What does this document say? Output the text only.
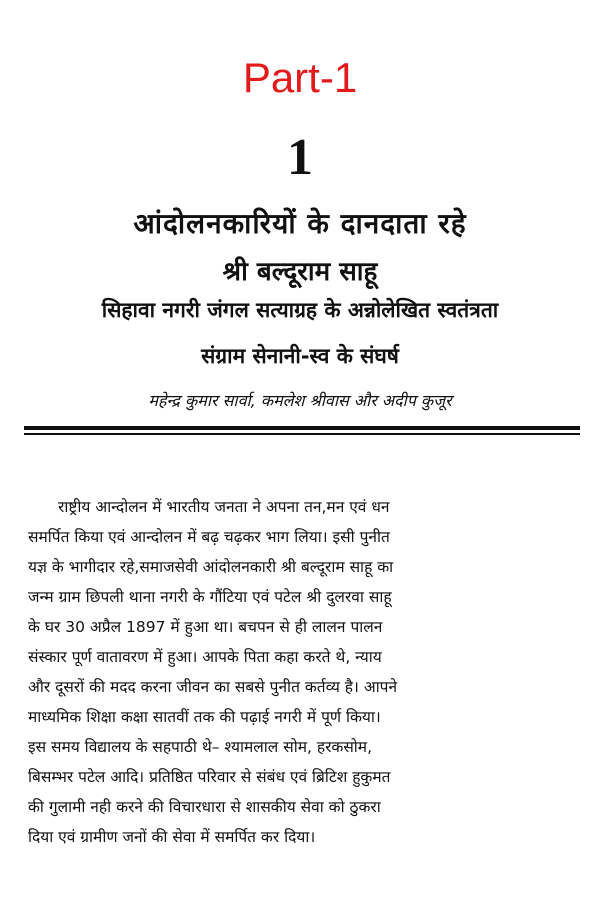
Part-1
1
आंदोलनकारियों के दानदाता रहे
श्री बल्दूराम साहू
सिहावा नगरी जंगल सत्याग्रह के अन्नोलेखित स्वतंत्रता
संग्राम सेनानी-स्व के संघर्ष
महेन्द्र कुमार सार्वा, कमलेश श्रीवास और अदीप कुजूर
राष्ट्रीय आन्दोलन में भारतीय जनता ने अपना तन,मन एवं धन
समर्पित किया एवं आन्दोलन में बढ़ चढ़कर भाग लिया। इसी पुनीत
यज्ञ के भागीदार रहे,समाजसेवी आंदोलनकारी श्री बल्दूराम साहू का
जन्म ग्राम छिपली थाना नगरी के गौंटिया एवं पटेल श्री दुलरवा साहू
के घर 30 अप्रैल 1897 में हुआ था। बचपन से ही लालन पालन
संस्कार पूर्ण वातावरण में हुआ। आपके पिता कहा करते थे, न्याय
और दूसरों की मदद करना जीवन का सबसे पुनीत कर्तव्य है। आपने
माध्यमिक शिक्षा कक्षा सातवीं तक की पढ़ाई नगरी में पूर्ण किया।
इस समय विद्यालय के सहपाठी थे– श्यामलाल सोम, हरकसोम,
बिसम्भर पटेल आदि। प्रतिष्ठित परिवार से संबंध एवं ब्रिटिश हुकुमत
की गुलामी नही करने की विचारधारा से शासकीय सेवा को ठुकरा
दिया एवं ग्रामीण जनों की सेवा में समर्पित कर दिया।
